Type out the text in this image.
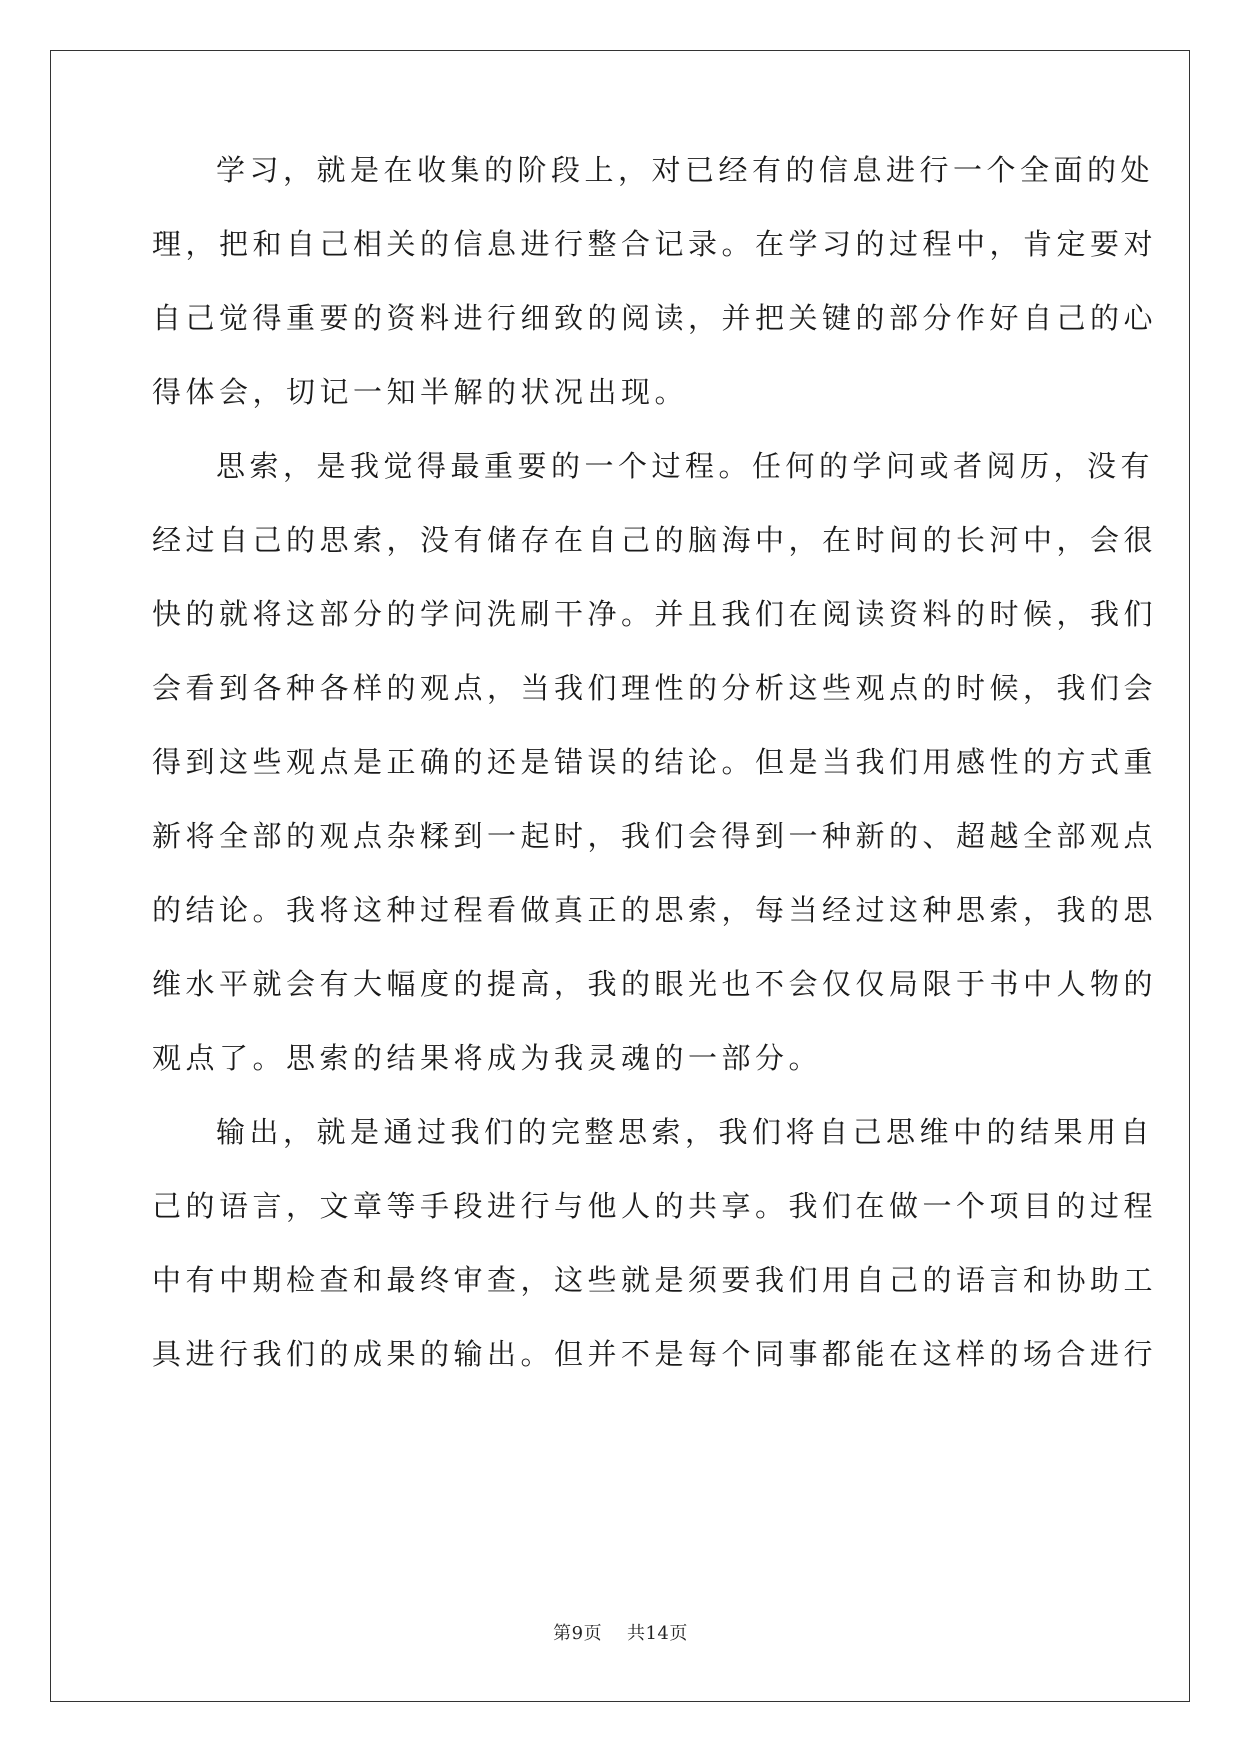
学习，就是在收集的阶段上，对已经有的信息进行一个全面的处
理，把和自己相关的信息进行整合记录。在学习的过程中，肯定要对
自己觉得重要的资料进行细致的阅读，并把关键的部分作好自己的心
得体会，切记一知半解的状况出现。
思索，是我觉得最重要的一个过程。任何的学问或者阅历，没有
经过自己的思索，没有储存在自己的脑海中，在时间的长河中，会很
快的就将这部分的学问洗刷干净。并且我们在阅读资料的时候，我们
会看到各种各样的观点，当我们理性的分析这些观点的时候，我们会
得到这些观点是正确的还是错误的结论。但是当我们用感性的方式重
新将全部的观点杂糅到一起时，我们会得到一种新的、超越全部观点
的结论。我将这种过程看做真正的思索，每当经过这种思索，我的思
维水平就会有大幅度的提高，我的眼光也不会仅仅局限于书中人物的
观点了。思索的结果将成为我灵魂的一部分。
输出，就是通过我们的完整思索，我们将自己思维中的结果用自
己的语言，文章等手段进行与他人的共享。我们在做一个项目的过程
中有中期检查和最终审查，这些就是须要我们用自己的语言和协助工
具进行我们的成果的输出。但并不是每个同事都能在这样的场合进行
第9页 共14页
